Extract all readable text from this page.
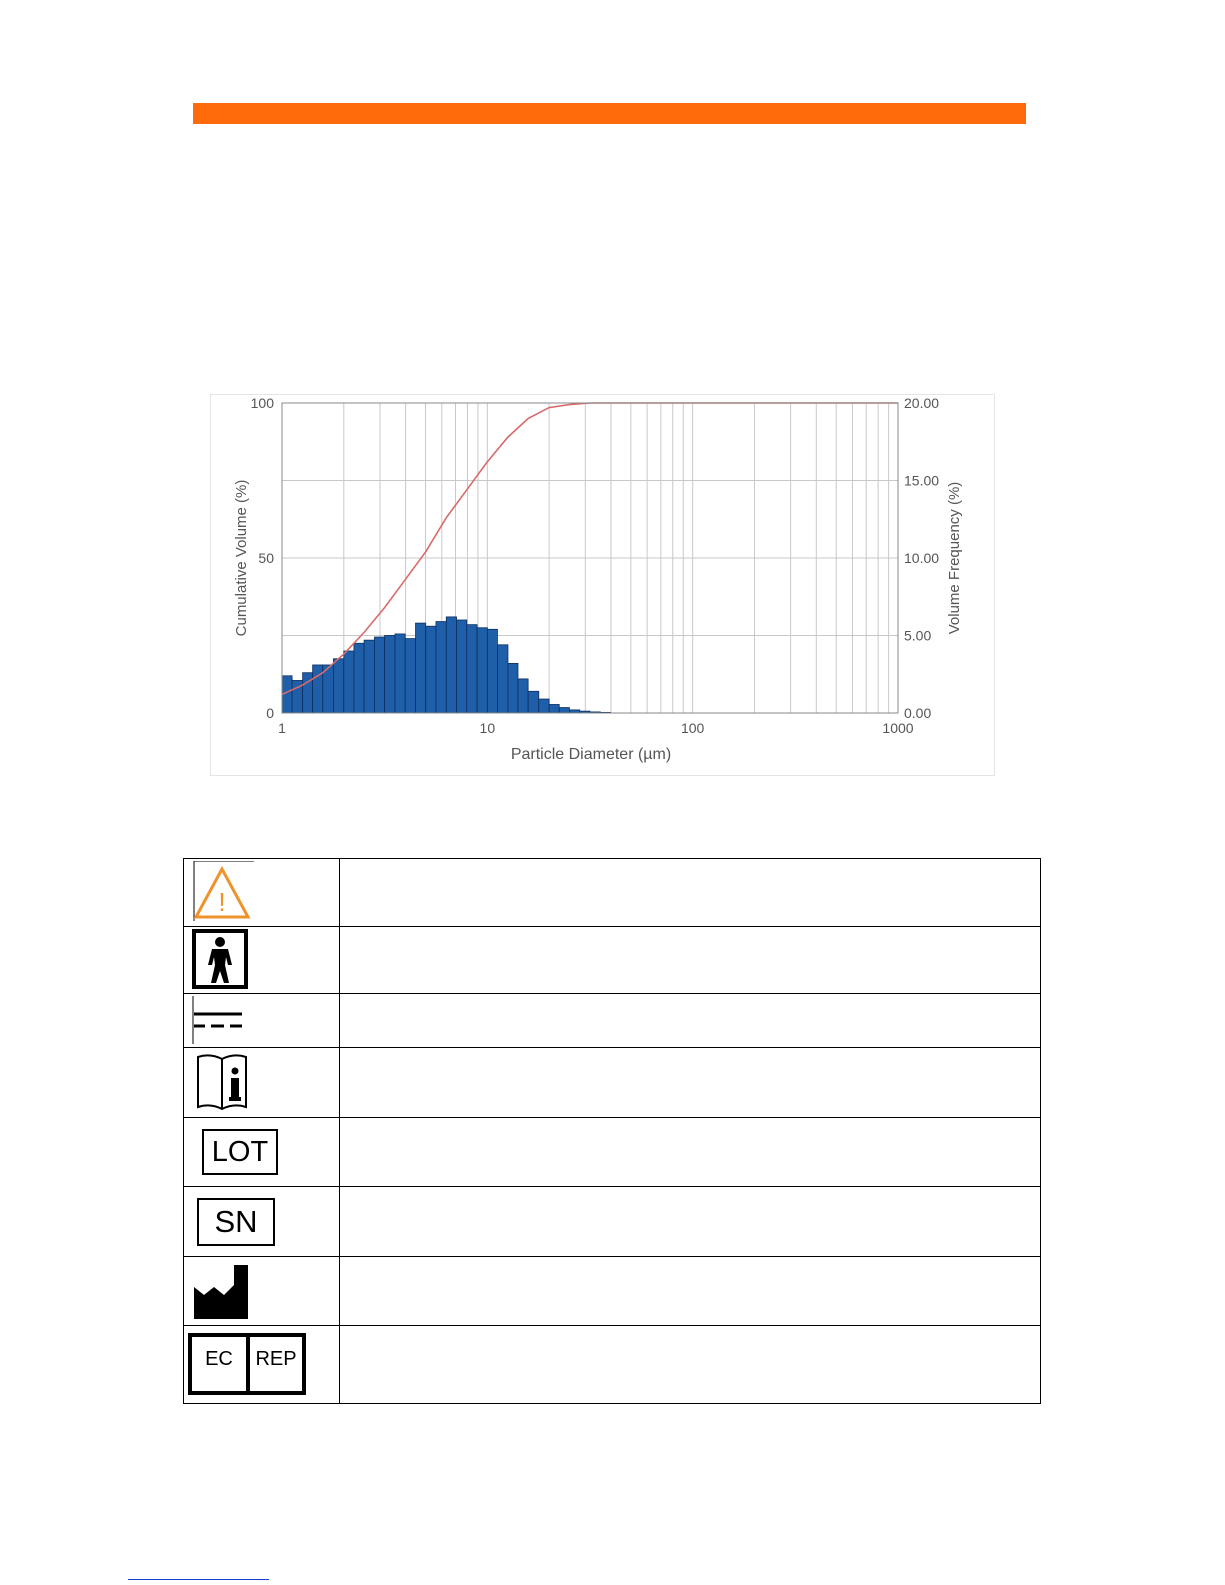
1	10	100	1000
0
50
100
0.00
5.00
10.00
15.00
20.00
Particle Diameter (µm)
Cumulative Volume (%)	Volume Frequency (%)
!	

LOT	

SN	

EC REP	
